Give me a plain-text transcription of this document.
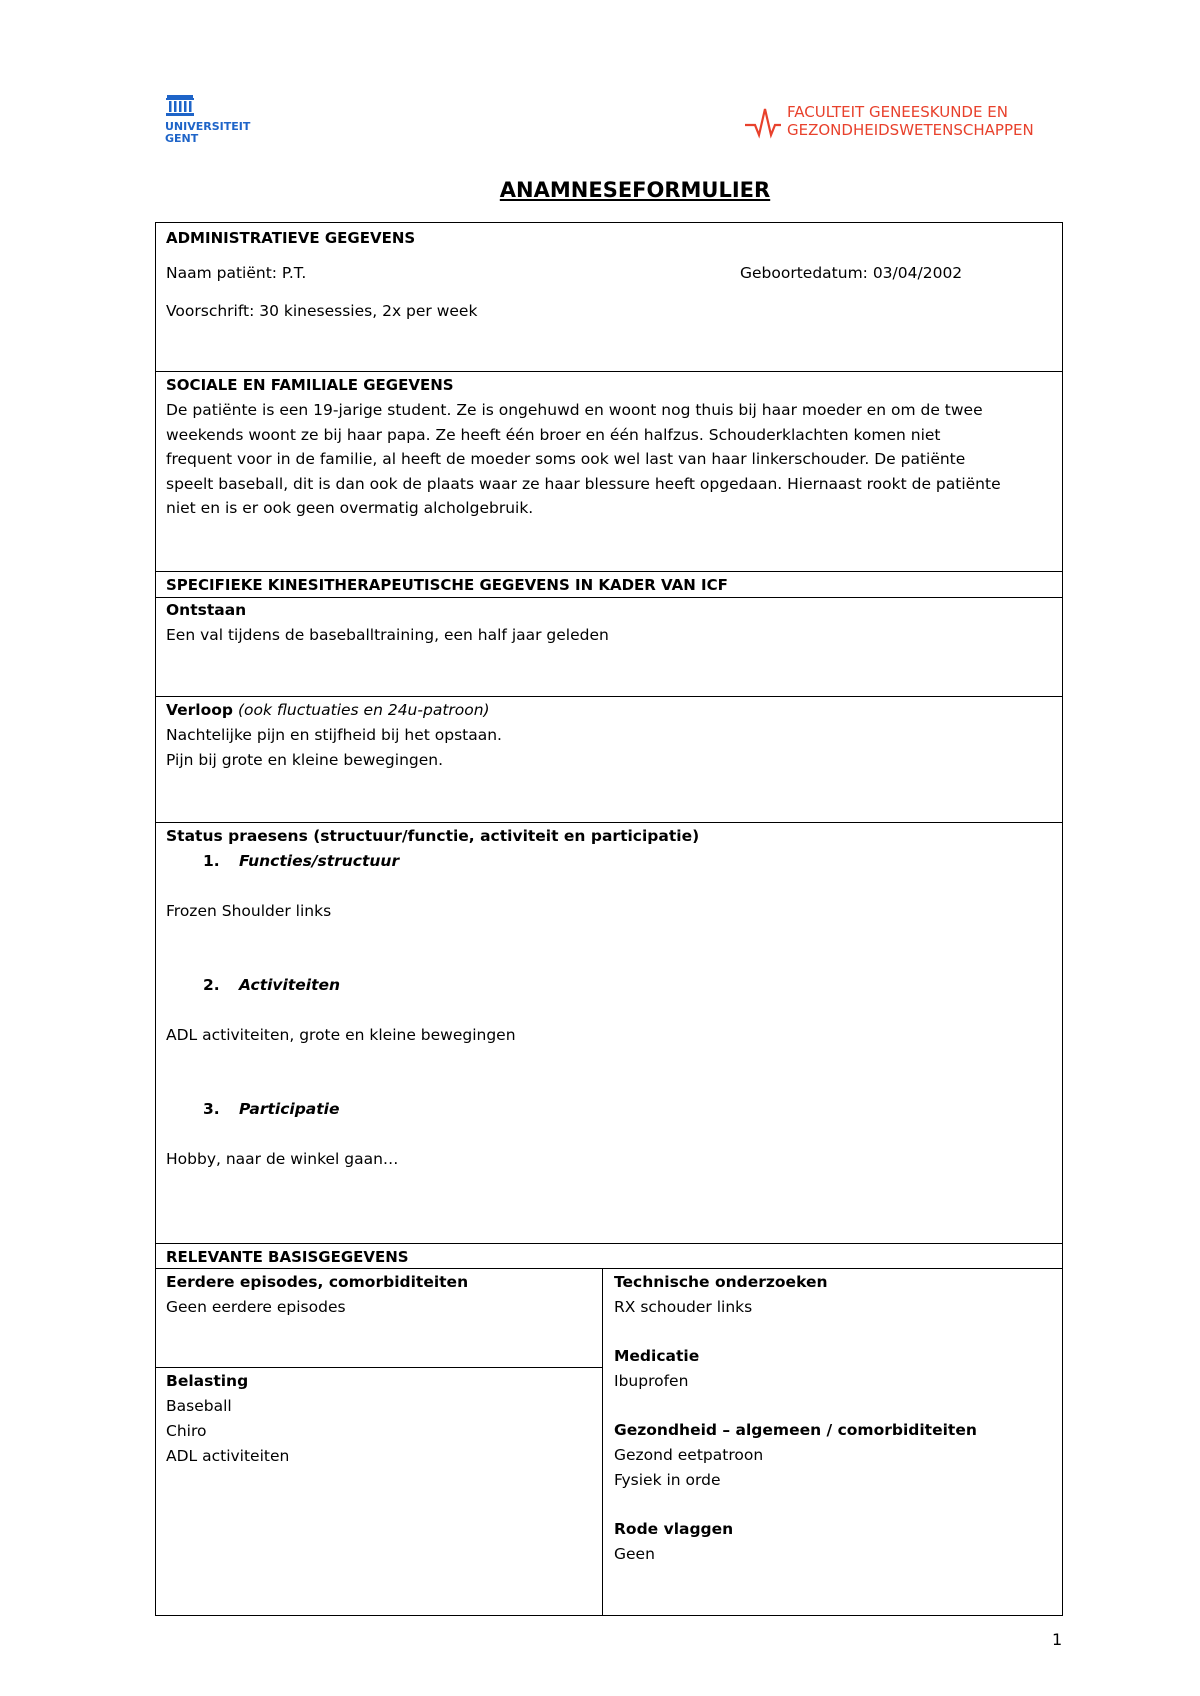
UNIVERSITEIT
GENT
FACULTEIT GENEESKUNDE EN
GEZONDHEIDSWETENSCHAPPEN
ANAMNESEFORMULIER
ADMINISTRATIEVE GEGEVENS
Naam patiënt: P.T.	Geboortedatum: 03/04/2002
Voorschrift: 30 kinesessies, 2x per week
SOCIALE EN FAMILIALE GEGEVENS
De patiënte is een 19-jarige student. Ze is ongehuwd en woont nog thuis bij haar moeder en om de twee
weekends woont ze bij haar papa. Ze heeft één broer en één halfzus. Schouderklachten komen niet
frequent voor in de familie, al heeft de moeder soms ook wel last van haar linkerschouder. De patiënte
speelt baseball, dit is dan ook de plaats waar ze haar blessure heeft opgedaan. Hiernaast rookt de patiënte
niet en is er ook geen overmatig alcholgebruik.
SPECIFIEKE KINESITHERAPEUTISCHE GEGEVENS IN KADER VAN ICF
Ontstaan
Een val tijdens de baseballtraining, een half jaar geleden
Verloop (ook fluctuaties en 24u-patroon)
Nachtelijke pijn en stijfheid bij het opstaan.
Pijn bij grote en kleine bewegingen.
Status praesens (structuur/functie, activiteit en participatie)
1. Functies/structuur
Frozen Shoulder links
2. Activiteiten
ADL activiteiten, grote en kleine bewegingen
3. Participatie
Hobby, naar de winkel gaan…
RELEVANTE BASISGEGEVENS
Eerdere episodes, comorbiditeiten
Geen eerdere episodes
Belasting
Baseball
Chiro
ADL activiteiten
Technische onderzoeken
RX schouder links
Medicatie
Ibuprofen
Gezondheid – algemeen / comorbiditeiten
Gezond eetpatroon
Fysiek in orde
Rode vlaggen
Geen
1
